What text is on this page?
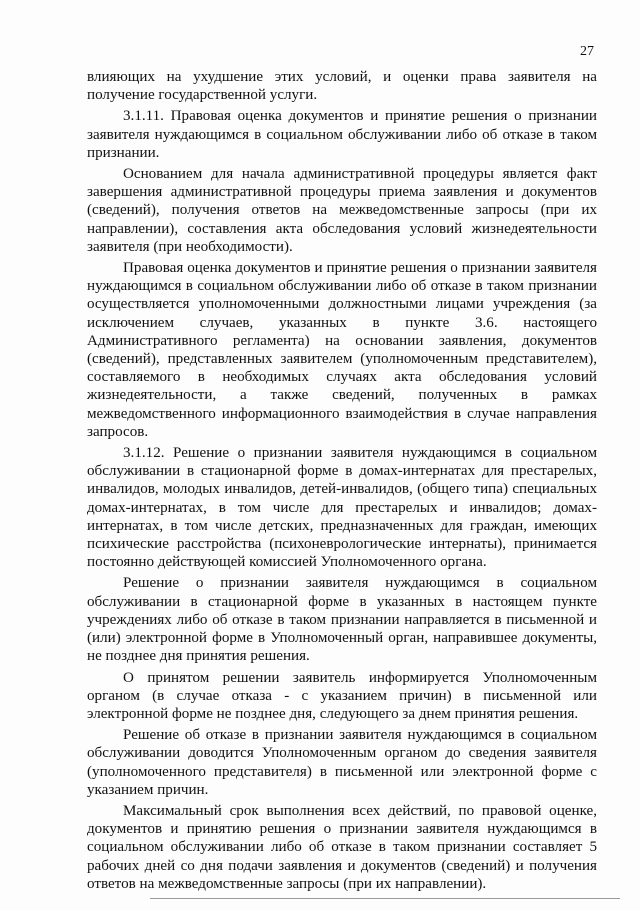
27

влияющих на ухудшение этих условий, и оценки права заявителя на получение государственной услуги.

3.1.11. Правовая оценка документов и принятие решения о признании заявителя нуждающимся в социальном обслуживании либо об отказе в таком признании.

Основанием для начала административной процедуры является факт завершения административной процедуры приема заявления и документов (сведений), получения ответов на межведомственные запросы (при их направлении), составления акта обследования условий жизнедеятельности заявителя (при необходимости).

Правовая оценка документов и принятие решения о признании заявителя нуждающимся в социальном обслуживании либо об отказе в таком признании осуществляется уполномоченными должностными лицами учреждения (за исключением случаев, указанных в пункте 3.6. настоящего Административного регламента) на основании заявления, документов (сведений), представленных заявителем (уполномоченным представителем), составляемого в необходимых случаях акта обследования условий жизнедеятельности, а также сведений, полученных в рамках межведомственного информационного взаимодействия в случае направления запросов.

3.1.12. Решение о признании заявителя нуждающимся в социальном обслуживании в стационарной форме в домах-интернатах для престарелых, инвалидов, молодых инвалидов, детей-инвалидов, (общего типа) специальных домах-интернатах, в том числе для престарелых и инвалидов; домах-интернатах, в том числе детских, предназначенных для граждан, имеющих психические расстройства (психоневрологические интернаты), принимается постоянно действующей комиссией Уполномоченного органа.

Решение о признании заявителя нуждающимся в социальном обслуживании в стационарной форме в указанных в настоящем пункте учреждениях либо об отказе в таком признании направляется в письменной и (или) электронной форме в Уполномоченный орган, направившее документы, не позднее дня принятия решения.

О принятом решении заявитель информируется Уполномоченным органом (в случае отказа - с указанием причин) в письменной или электронной форме не позднее дня, следующего за днем принятия решения.

Решение об отказе в признании заявителя нуждающимся в социальном обслуживании доводится Уполномоченным органом до сведения заявителя (уполномоченного представителя) в письменной или электронной форме с указанием причин.

Максимальный срок выполнения всех действий, по правовой оценке, документов и принятию решения о признании заявителя нуждающимся в социальном обслуживании либо об отказе в таком признании составляет 5 рабочих дней со дня подачи заявления и документов (сведений) и получения ответов на межведомственные запросы (при их направлении).
